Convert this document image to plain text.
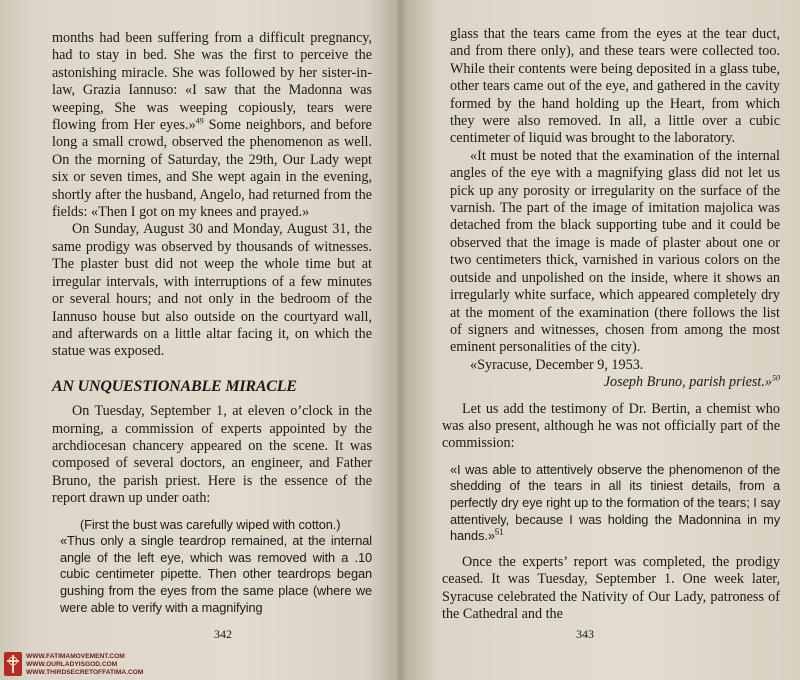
months had been suffering from a difficult pregnancy, had to stay in bed. She was the first to perceive the astonishing miracle. She was followed by her sister-in-law, Grazia Iannuso: «I saw that the Madonna was weeping, She was weeping copiously, tears were flowing from Her eyes.»$^{49}$ Some neighbors, and before long a small crowd, observed the phenomenon as well. On the morning of Saturday, the 29th, Our Lady wept six or seven times, and She wept again in the evening, shortly after the husband, Angelo, had returned from the fields: «Then I got on my knees and prayed.»

On Sunday, August 30 and Monday, August 31, the same prodigy was observed by thousands of witnesses. The plaster bust did not weep the whole time but at irregular intervals, with interruptions of a few minutes or several hours; and not only in the bedroom of the Iannuso house but also outside on the courtyard wall, and afterwards on a little altar facing it, on which the statue was exposed.

AN UNQUESTIONABLE MIRACLE

On Tuesday, September 1, at eleven o’clock in the morning, a commission of experts appointed by the archdiocesan chancery appeared on the scene. It was composed of several doctors, an engineer, and Father Bruno, the parish priest. Here is the essence of the report drawn up under oath:

(First the bust was carefully wiped with cotton.)

«Thus only a single teardrop remained, at the internal angle of the left eye, which was removed with a .10 cubic centimeter pipette. Then other teardrops began gushing from the eyes from the same place (where we were able to verify with a magnifying

342

glass that the tears came from the eyes at the tear duct, and from there only), and these tears were collected too. While their contents were being deposited in a glass tube, other tears came out of the eye, and gathered in the cavity formed by the hand holding up the Heart, from which they were also removed. In all, a little over a cubic centimeter of liquid was brought to the laboratory.

«It must be noted that the examination of the internal angles of the eye with a magnifying glass did not let us pick up any porosity or irregularity on the surface of the varnish. The part of the image of imitation majolica was detached from the black supporting tube and it could be observed that the image is made of plaster about one or two centimeters thick, varnished in various colors on the outside and unpolished on the inside, where it shows an irregularly white surface, which appeared completely dry at the moment of the examination (there follows the list of signers and witnesses, chosen from among the most eminent personalities of the city).

«Syracuse, December 9, 1953.

Joseph Bruno, parish priest.»$^{50}$

Let us add the testimony of Dr. Bertin, a chemist who was also present, although he was not officially part of the commission:

«I was able to attentively observe the phenomenon of the shedding of the tears in all its tiniest details, from a perfectly dry eye right up to the formation of the tears; I say attentively, because I was holding the Madonnina in my hands.»$^{51}$

Once the experts’ report was completed, the prodigy ceased. It was Tuesday, September 1. One week later, Syracuse celebrated the Nativity of Our Lady, patroness of the Cathedral and the

343
WWW.FATIMAMOVEMENT.COM
WWW.OURLADYISGOD.COM
WWW.THIRDSECRETOFFATIMA.COM
